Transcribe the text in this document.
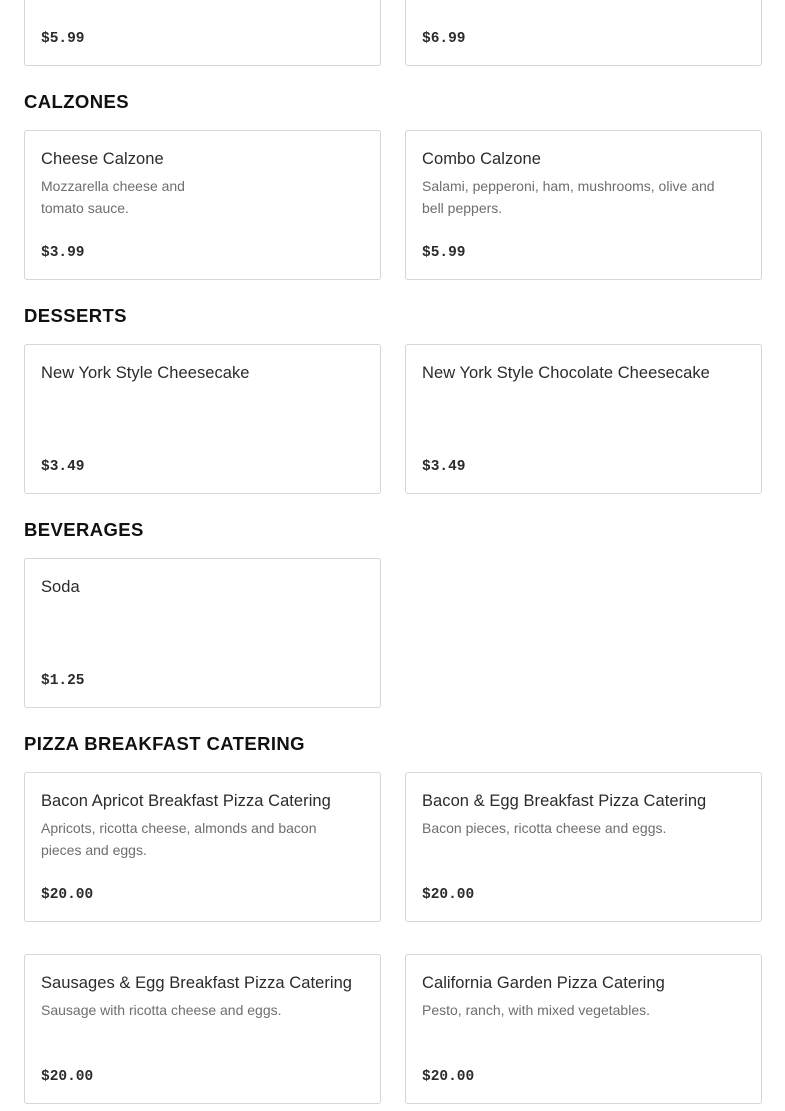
$5.99	$6.99
CALZONES
Cheese Calzone
Mozzarella cheese and
tomato sauce.
$3.99
Combo Calzone
Salami, pepperoni, ham, mushrooms, olive and
bell peppers.
$5.99
DESSERTS
New York Style Cheesecake
$3.49
New York Style Chocolate Cheesecake
$3.49
BEVERAGES
Soda
$1.25
PIZZA BREAKFAST CATERING
Bacon Apricot Breakfast Pizza Catering
Apricots, ricotta cheese, almonds and bacon
pieces and eggs.
$20.00
Bacon & Egg Breakfast Pizza Catering
Bacon pieces, ricotta cheese and eggs.
$20.00
Sausages & Egg Breakfast Pizza Catering
Sausage with ricotta cheese and eggs.
$20.00
California Garden Pizza Catering
Pesto, ranch, with mixed vegetables.
$20.00
